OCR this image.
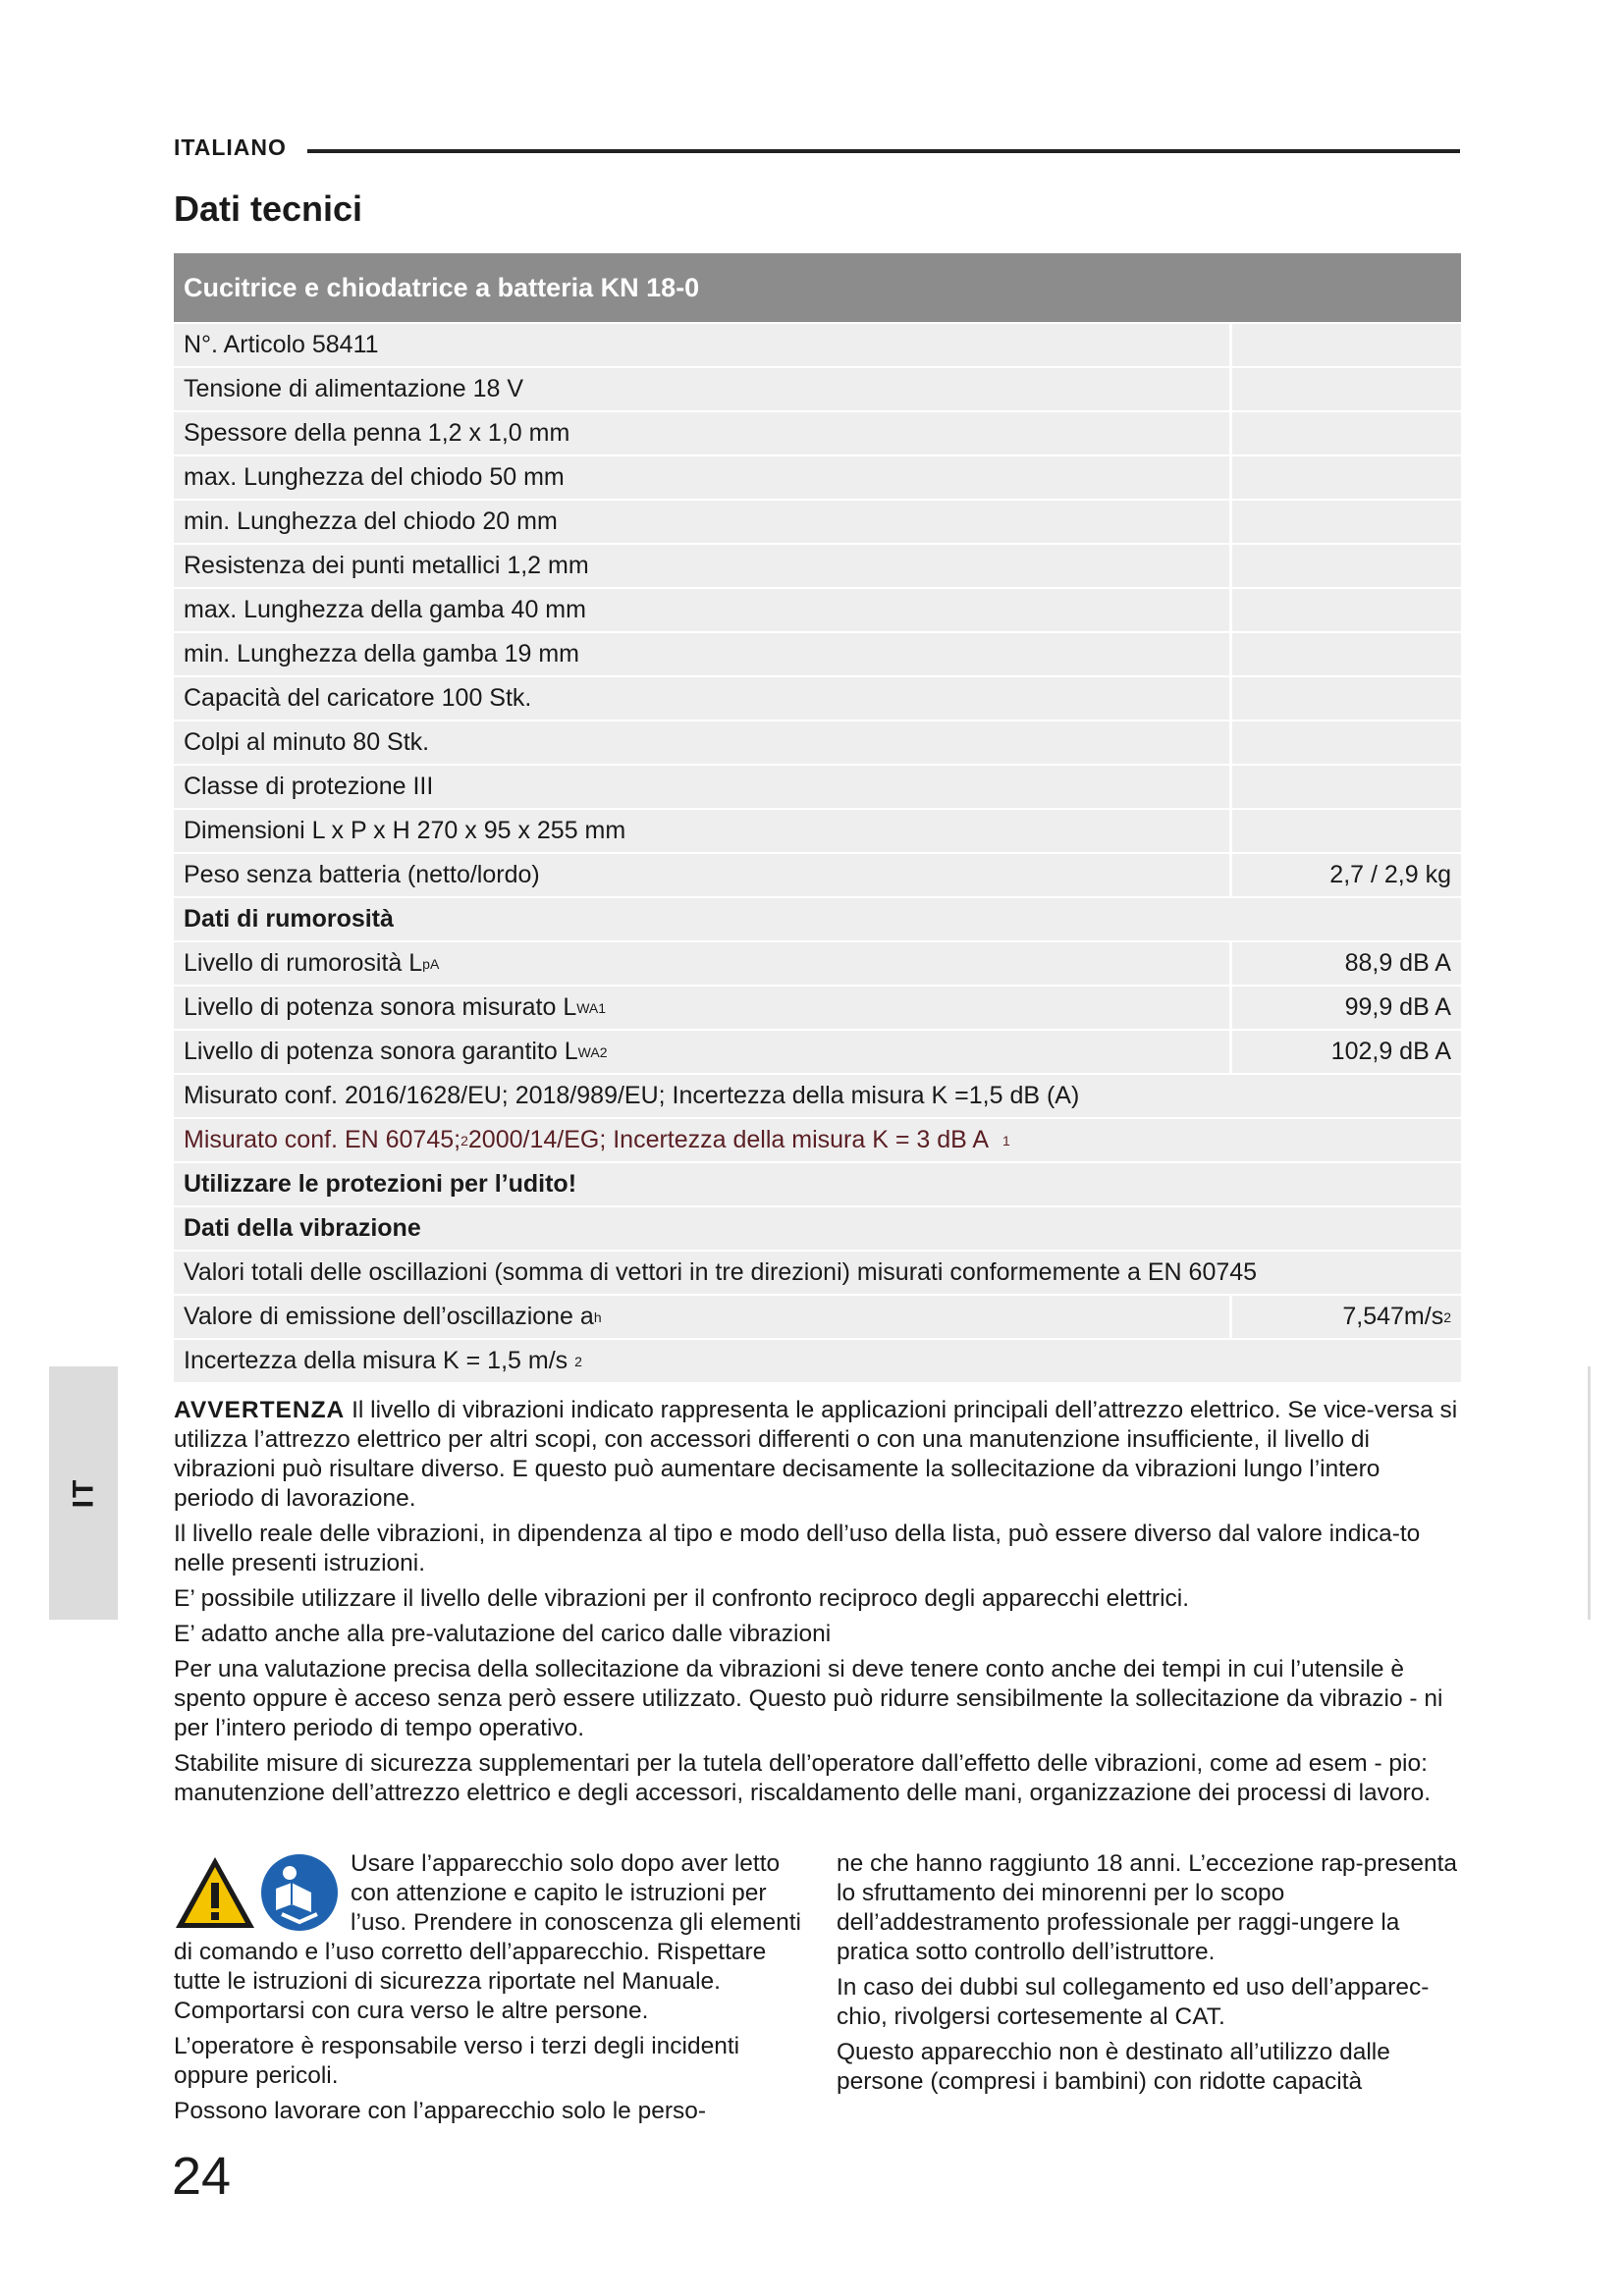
ITALIANO
Dati tecnici
Cucitrice e chiodatrice a batteria KN 18-0
N°. Articolo 58411
Tensione di alimentazione 18 V
Spessore della penna 1,2 x 1,0 mm
max. Lunghezza del chiodo 50 mm
min. Lunghezza del chiodo 20 mm
Resistenza dei punti metallici 1,2 mm
max. Lunghezza della gamba 40 mm
min. Lunghezza della gamba 19 mm
Capacità del caricatore 100 Stk.
Colpi al minuto 80 Stk.
Classe di protezione III
Dimensioni L x P x H 270 x 95 x 255 mm
Peso senza batteria (netto/lordo)	2,7 / 2,9 kg
Dati di rumorosità
Livello di rumorosità L pA	88,9 dB A
Livello di potenza sonora misurato L WA 1	99,9 dB A
Livello di potenza sonora garantito L WA 2	102,9 dB A
Misurato conf. 2016/1628/EU; 2018/989/EU; Incertezza della misura K =1,5 dB (A)
Misurato conf. EN 60745; 2 2000/14/EG; Incertezza della misura K = 3 dB A
1
Utilizzare le protezioni per l’udito!
Dati della vibrazione
Valori totali delle oscillazioni (somma di vettori in tre direzioni) misurati conformemente a EN 60745
Valore di emissione dell’oscillazione a h	7,547 m/s 2
Incertezza della misura K = 1,5 m/s
2
IT

AVVERTENZA Il livello di vibrazioni indicato rappresenta le applicazioni principali dell’attrezzo elettrico. Se vice-versa si utilizza l’attrezzo elettrico per altri scopi, con accessori differenti o con una manutenzione insufficiente, il livello di vibrazioni può risultare diverso. E questo può aumentare decisamente la sollecitazione da vibrazioni lungo l’intero periodo di lavorazione.

Il livello reale delle vibrazioni, in dipendenza al tipo e modo dell’uso della lista, può essere diverso dal valore indica-to nelle presenti istruzioni.

E’ possibile utilizzare il livello delle vibrazioni per il confronto reciproco degli apparecchi elettrici.

E’ adatto anche alla pre-valutazione del carico dalle vibrazioni

Per una valutazione precisa della sollecitazione da vibrazioni si deve tenere conto anche dei tempi in cui l’utensile è spento oppure è acceso senza però essere utilizzato. Questo può ridurre sensibilmente la sollecitazione da vibrazio - ni per l’intero periodo di tempo operativo.

Stabilite misure di sicurezza supplementari per la tutela dell’operatore dall’effetto delle vibrazioni, come ad esem - pio: manutenzione dell’attrezzo elettrico e degli accessori, riscaldamento delle mani, organizzazione dei processi di lavoro.

Usare l’apparecchio solo dopo aver letto con attenzione e capito le istruzioni per l’uso. Prendere in conoscenza gli elementi di comando e l’uso corretto dell’apparecchio. Rispettare tutte le istruzioni di sicurezza riportate nel Manuale. Comportarsi con cura verso le altre persone.

L’operatore è responsabile verso i terzi degli incidenti oppure pericoli.

Possono lavorare con l’apparecchio solo le perso-

ne che hanno raggiunto 18 anni. L’eccezione rap-presenta lo sfruttamento dei minorenni per lo scopo dell’addestramento professionale per raggi-ungere la pratica sotto controllo dell’istruttore.

In caso dei dubbi sul collegamento ed uso dell’apparec-chio, rivolgersi cortesemente al CAT.

Questo apparecchio non è destinato all’utilizzo dalle persone (compresi i bambini) con ridotte capacità

24
